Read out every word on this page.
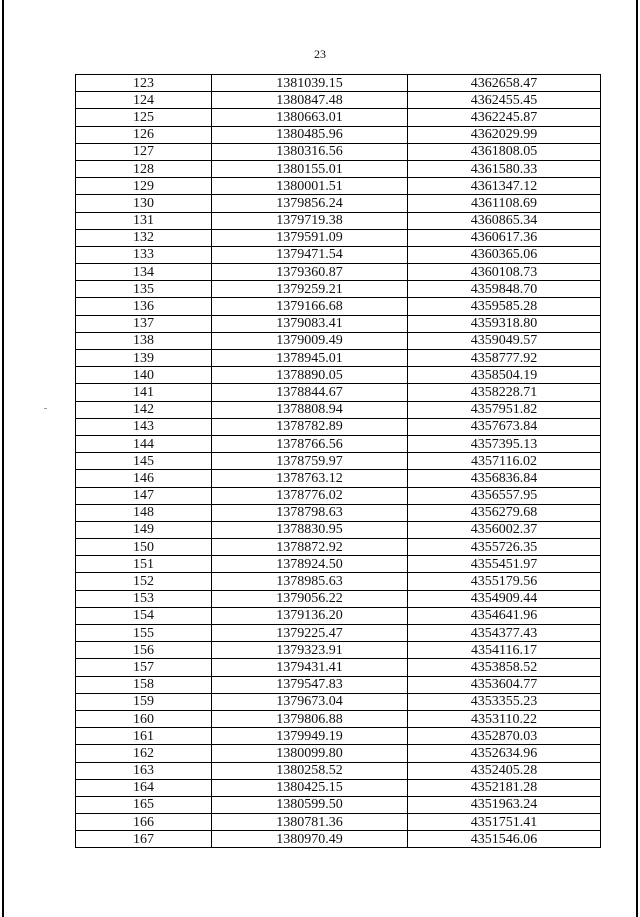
23
123	1381039.15	4362658.47
124	1380847.48	4362455.45
125	1380663.01	4362245.87
126	1380485.96	4362029.99
127	1380316.56	4361808.05
128	1380155.01	4361580.33
129	1380001.51	4361347.12
130	1379856.24	4361108.69
131	1379719.38	4360865.34
132	1379591.09	4360617.36
133	1379471.54	4360365.06
134	1379360.87	4360108.73
135	1379259.21	4359848.70
136	1379166.68	4359585.28
137	1379083.41	4359318.80
138	1379009.49	4359049.57
139	1378945.01	4358777.92
140	1378890.05	4358504.19
141	1378844.67	4358228.71
142	1378808.94	4357951.82
143	1378782.89	4357673.84
144	1378766.56	4357395.13
145	1378759.97	4357116.02
146	1378763.12	4356836.84
147	1378776.02	4356557.95
148	1378798.63	4356279.68
149	1378830.95	4356002.37
150	1378872.92	4355726.35
151	1378924.50	4355451.97
152	1378985.63	4355179.56
153	1379056.22	4354909.44
154	1379136.20	4354641.96
155	1379225.47	4354377.43
156	1379323.91	4354116.17
157	1379431.41	4353858.52
158	1379547.83	4353604.77
159	1379673.04	4353355.23
160	1379806.88	4353110.22
161	1379949.19	4352870.03
162	1380099.80	4352634.96
163	1380258.52	4352405.28
164	1380425.15	4352181.28
165	1380599.50	4351963.24
166	1380781.36	4351751.41
167	1380970.49	4351546.06
